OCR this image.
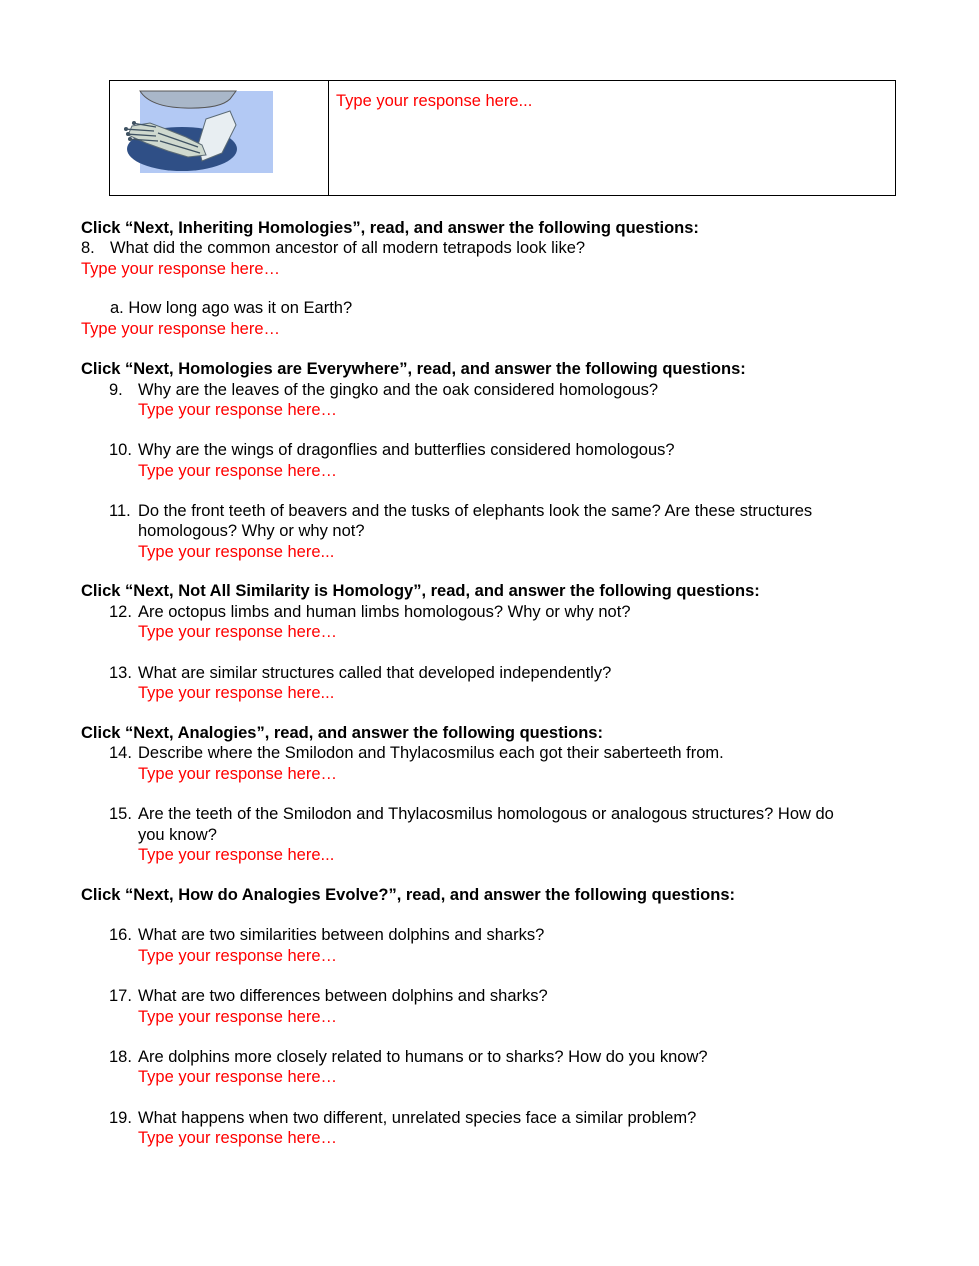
Type your response here...
Click “Next, Inheriting Homologies”, read, and answer the following questions:
8. What did the common ancestor of all modern tetrapods look like?
Type your response here…
a. How long ago was it on Earth?
Type your response here…
Click “Next, Homologies are Everywhere”, read, and answer the following questions:
9. Why are the leaves of the gingko and the oak considered homologous?
Type your response here…
10. Why are the wings of dragonflies and butterflies considered homologous?
Type your response here…
11. Do the front teeth of beavers and the tusks of elephants look the same? Are these structures
homologous? Why or why not?
Type your response here...
Click “Next, Not All Similarity is Homology”, read, and answer the following questions:
12. Are octopus limbs and human limbs homologous? Why or why not?
Type your response here…
13. What are similar structures called that developed independently?
Type your response here...
Click “Next, Analogies”, read, and answer the following questions:
14. Describe where the Smilodon and Thylacosmilus each got their saberteeth from.
Type your response here…
15. Are the teeth of the Smilodon and Thylacosmilus homologous or analogous structures? How do
you know?
Type your response here...
Click “Next, How do Analogies Evolve?”, read, and answer the following questions:
16. What are two similarities between dolphins and sharks?
Type your response here…
17. What are two differences between dolphins and sharks?
Type your response here…
18. Are dolphins more closely related to humans or to sharks? How do you know?
Type your response here…
19. What happens when two different, unrelated species face a similar problem?
Type your response here…
